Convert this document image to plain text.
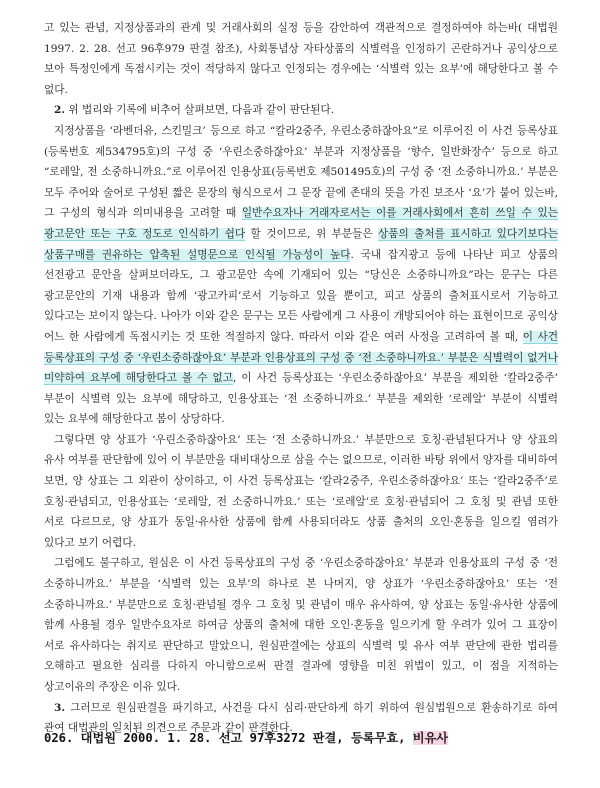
고 있는 관념, 지정상품과의 관계 및 거래사회의 실정 등을 감안하여 객관적으로 결정하여야 하는바( 대법원 1997. 2. 28. 선고 96후979 판결 참조), 사회통념상 자타상품의 식별력을 인정하기 곤란하거나 공익상으로 보아 특정인에게 독점시키는 것이 적당하지 않다고 인정되는 경우에는 ‘식별력 있는 요부’에 해당한다고 볼 수 없다.

2. 위 법리와 기록에 비추어 살펴보면, 다음과 같이 판단된다.

지정상품을 ‘라벤더유, 스킨밀크’ 등으로 하고 “칼라2중주, 우린소중하잖아요”로 이루어진 이 사건 등록상표(등록번호 제534795호)의 구성 중 ‘우린소중하잖아요’ 부분과 지정상품을 ‘향수, 일반화장수’ 등으로 하고 “로레알, 전 소중하니까요.”로 이루어진 인용상표(등록번호 제501495호)의 구성 중 ‘전 소중하니까요.’ 부분은 모두 주어와 술어로 구성된 짧은 문장의 형식으로서 그 문장 끝에 존대의 뜻을 가진 보조사 ‘요’가 붙어 있는바, 그 구성의 형식과 의미내용을 고려할 때 일반수요자나 거래자로서는 이를 거래사회에서 흔히 쓰일 수 있는 광고문안 또는 구호 정도로 인식하기 쉽다 할 것이므로, 위 부분들은 상품의 출처를 표시하고 있다기보다는 상품구매를 권유하는 압축된 설명문으로 인식될 가능성이 높다. 국내 잡지광고 등에 나타난 피고 상품의 선전광고 문안을 살펴보더라도, 그 광고문안 속에 기재되어 있는 “당신은 소중하니까요”라는 문구는 다른 광고문안의 기재 내용과 함께 ‘광고카피’로서 기능하고 있을 뿐이고, 피고 상품의 출처표시로서 기능하고 있다고는 보이지 않는다. 나아가 이와 같은 문구는 모든 사람에게 그 사용이 개방되어야 하는 표현이므로 공익상 어느 한 사람에게 독점시키는 것 또한 적절하지 않다. 따라서 이와 같은 여러 사정을 고려하여 볼 때, 이 사건 등록상표의 구성 중 ‘우린소중하잖아요’ 부분과 인용상표의 구성 중 ‘전 소중하니까요.’ 부분은 식별력이 없거나 미약하여 요부에 해당한다고 볼 수 없고, 이 사건 등록상표는 ‘우린소중하잖아요’ 부분을 제외한 ‘칼라2중주’ 부분이 식별력 있는 요부에 해당하고, 인용상표는 ‘전 소중하니까요.’ 부분을 제외한 ‘로레알’ 부분이 식별력 있는 요부에 해당한다고 봄이 상당하다.

그렇다면 양 상표가 ‘우린소중하잖아요’ 또는 ‘전 소중하니까요.’ 부분만으로 호칭·관념된다거나 양 상표의 유사 여부를 판단함에 있어 이 부분만을 대비대상으로 삼을 수는 없으므로, 이러한 바탕 위에서 양자를 대비하여 보면, 양 상표는 그 외관이 상이하고, 이 사건 등록상표는 ‘칼라2중주, 우린소중하잖아요’ 또는 ‘칼라2중주’로 호칭·관념되고, 인용상표는 ‘로레알, 전 소중하니까요.’ 또는 ‘로레알’로 호칭·관념되어 그 호칭 및 관념 또한 서로 다르므로, 양 상표가 동일·유사한 상품에 함께 사용되더라도 상품 출처의 오인·혼동을 일으킬 염려가 있다고 보기 어렵다.

그럼에도 불구하고, 원심은 이 사건 등록상표의 구성 중 ‘우린소중하잖아요’ 부분과 인용상표의 구성 중 ‘전 소중하니까요.’ 부분을 ‘식별력 있는 요부’의 하나로 본 나머지, 양 상표가 ‘우린소중하잖아요’ 또는 ‘전 소중하니까요.’ 부분만으로 호칭·관념될 경우 그 호칭 및 관념이 매우 유사하여, 양 상표는 동일·유사한 상품에 함께 사용될 경우 일반수요자로 하여금 상품의 출처에 대한 오인·혼동을 일으키게 할 우려가 있어 그 표장이 서로 유사하다는 취지로 판단하고 말았으니, 원심판결에는 상표의 식별력 및 유사 여부 판단에 관한 법리를 오해하고 필요한 심리를 다하지 아니함으로써 판결 결과에 영향을 미친 위법이 있고, 이 점을 지적하는 상고이유의 주장은 이유 있다.

3. 그러므로 원심판결을 파기하고, 사건을 다시 심리·판단하게 하기 위하여 원심법원으로 환송하기로 하여 관여 대법관의 일치된 의견으로 주문과 같이 판결한다.

026. 대법원 2000. 1. 28. 선고 97후3272 판결, 등록무효, 비유사
